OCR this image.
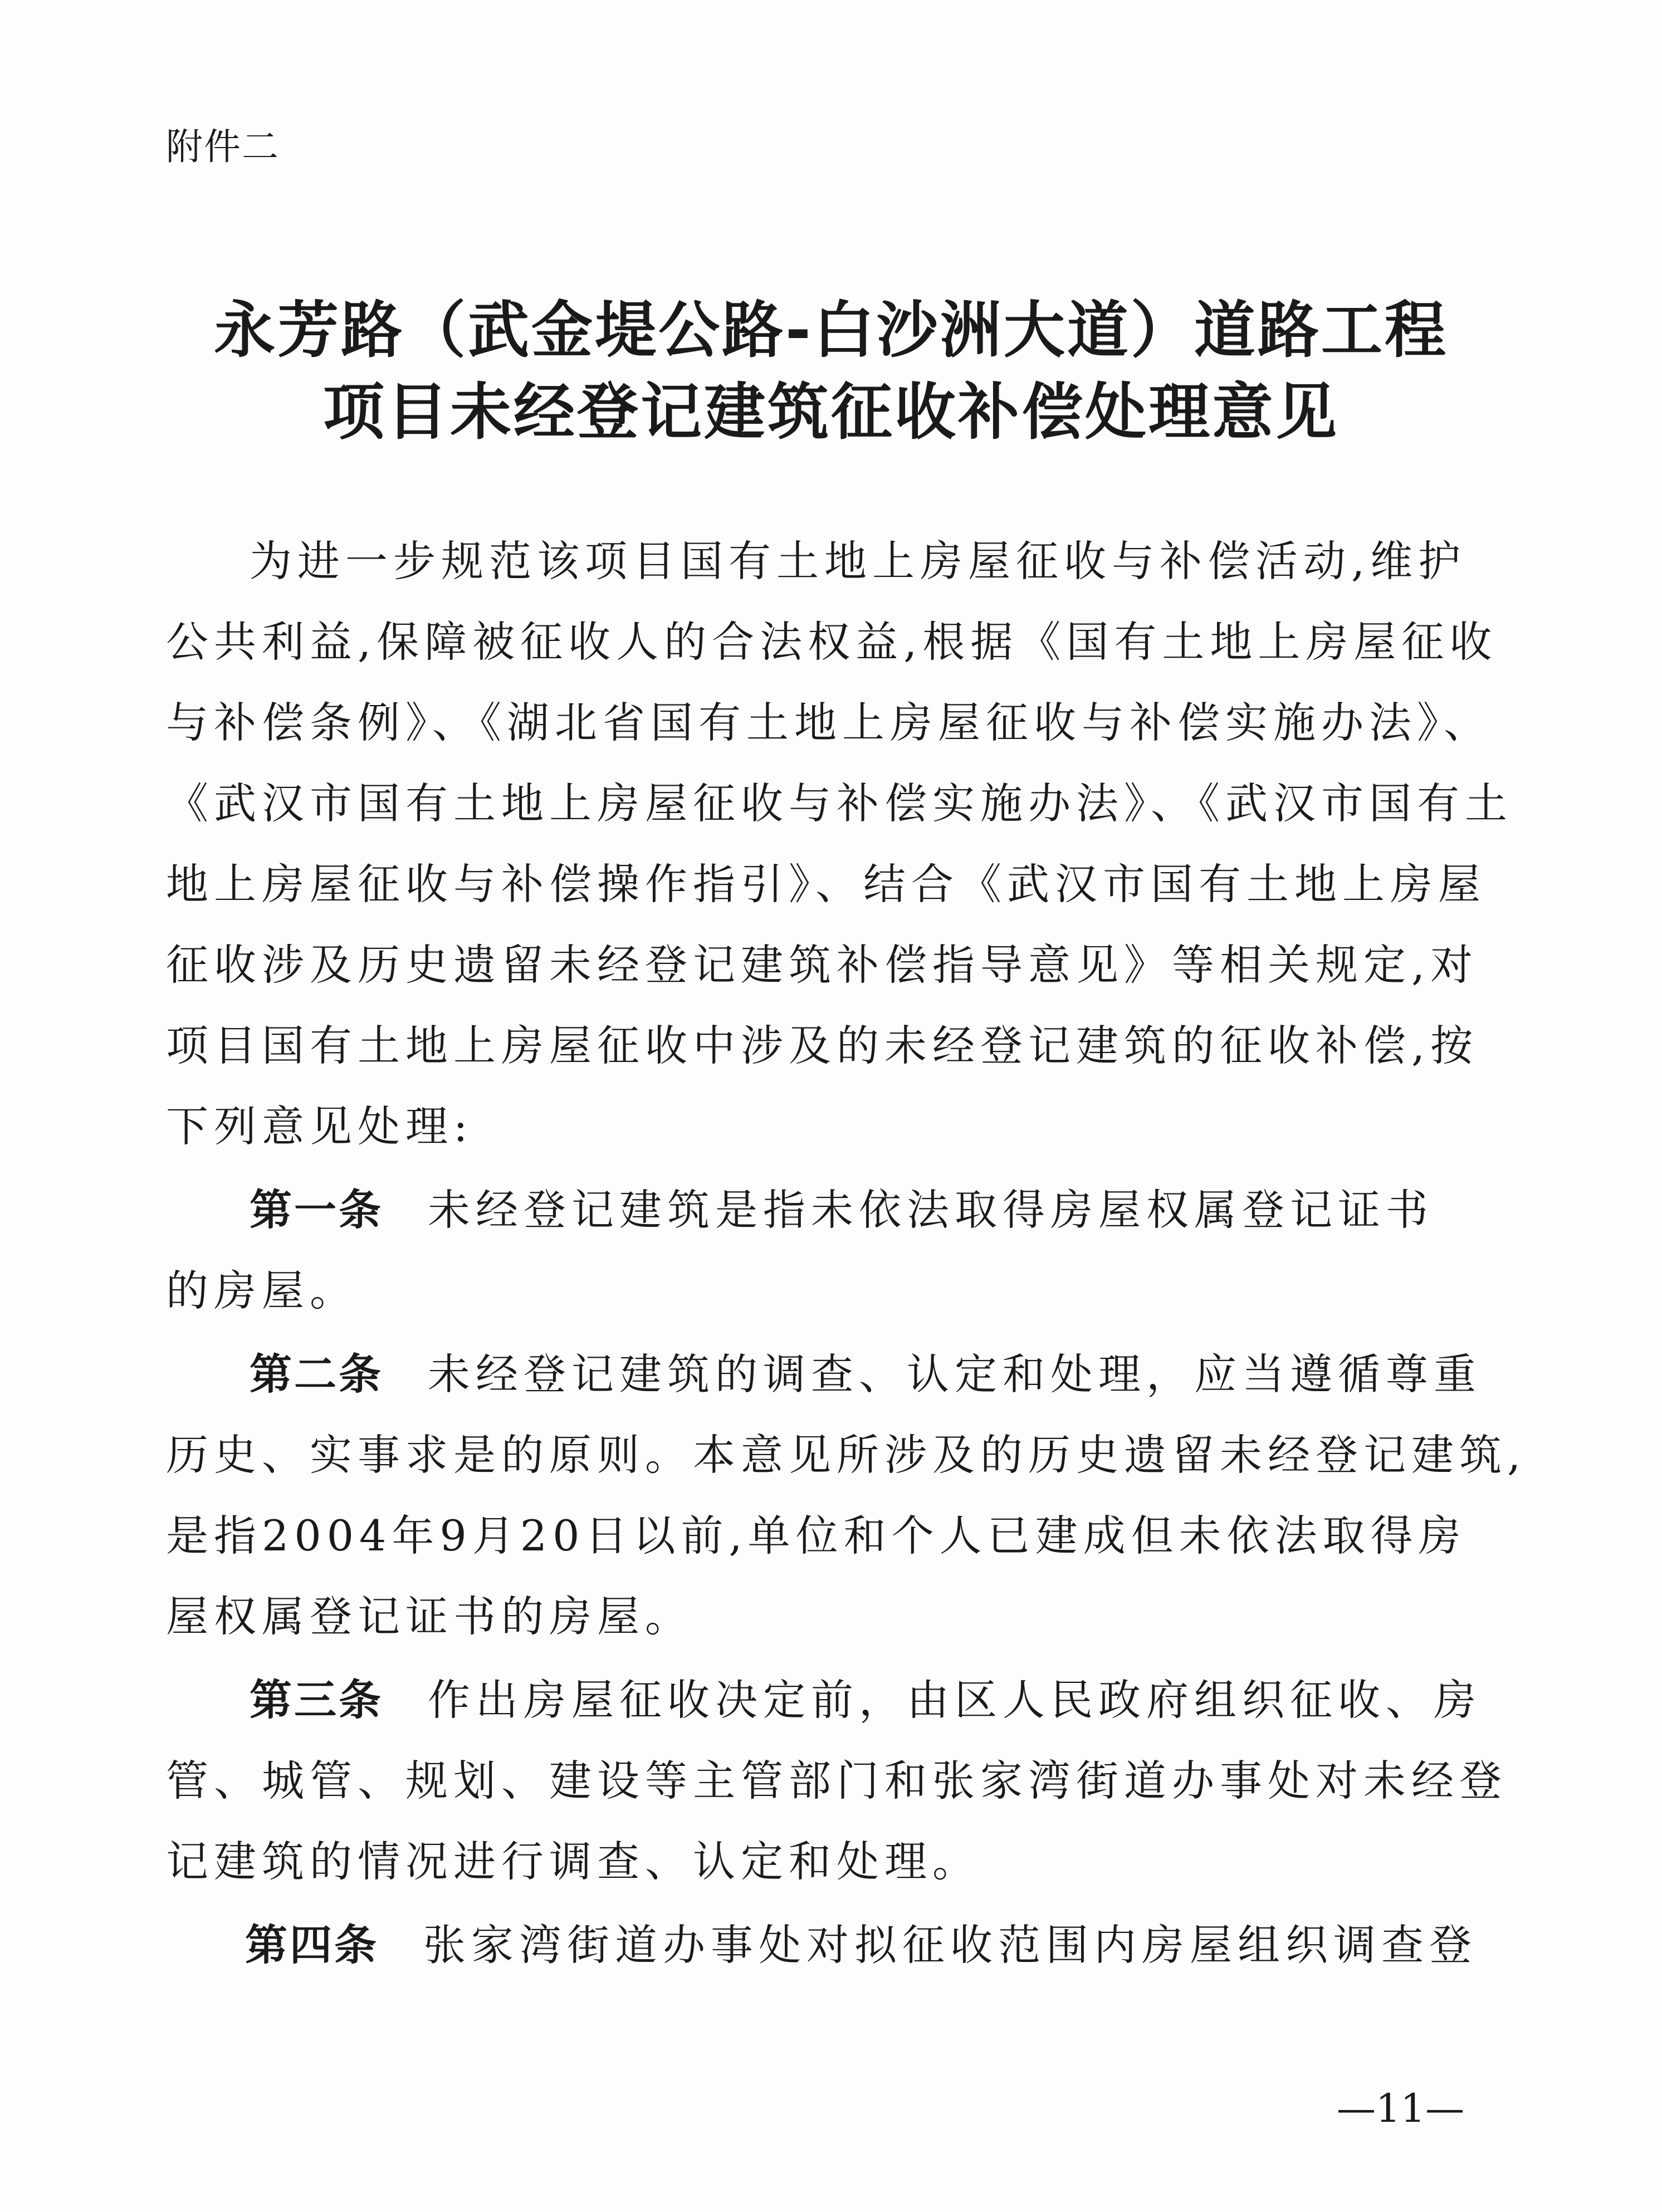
附件二
永芳路（武金堤公路-白沙洲大道）道路工程
项目未经登记建筑征收补偿处理意见
为进一步规范该项目国有土地上房屋征收与补偿活动,维护
公共利益,保障被征收人的合法权益,根据《国有土地上房屋征收
与补偿条例》、《湖北省国有土地上房屋征收与补偿实施办法》、
《武汉市国有土地上房屋征收与补偿实施办法》、《武汉市国有土
地上房屋征收与补偿操作指引》、结合《武汉市国有土地上房屋
征收涉及历史遗留未经登记建筑补偿指导意见》等相关规定,对
项目国有土地上房屋征收中涉及的未经登记建筑的征收补偿,按
下列意见处理:
第一条 未经登记建筑是指未依法取得房屋权属登记证书
的房屋。
第二条 未经登记建筑的调查、认定和处理，应当遵循尊重
历史、实事求是的原则。本意见所涉及的历史遗留未经登记建筑,
是指2004年9月20日以前,单位和个人已建成但未依法取得房
屋权属登记证书的房屋。
第三条 作出房屋征收决定前，由区人民政府组织征收、房
管、城管、规划、建设等主管部门和张家湾街道办事处对未经登
记建筑的情况进行调查、认定和处理。
第四条 张家湾街道办事处对拟征收范围内房屋组织调查登
—11—
